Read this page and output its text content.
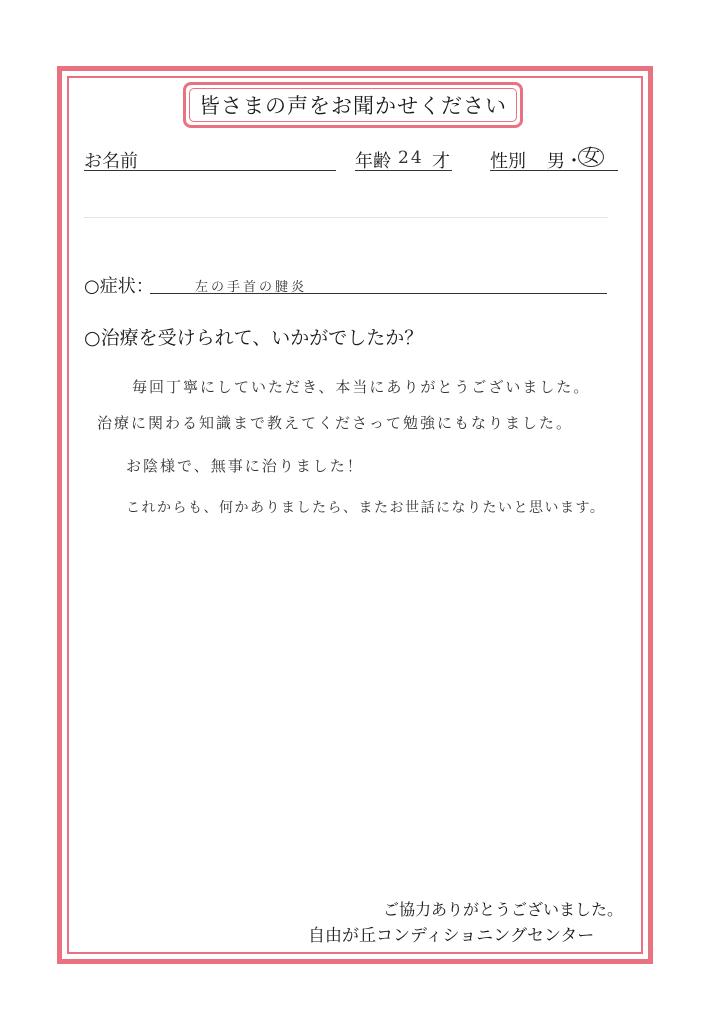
皆さまの声をお聞かせください
お名前	年齢 24 才 性別 男・ 女
○症状：	左の手首の腱炎
○治療を受けられて、いかがでしたか？
毎回丁寧にしていただき、本当にありがとうございました。
治療に関わる知識まで教えてくださって勉強にもなりました。
お陰様で、無事に治りました！
これからも、何かありましたら、またお世話になりたいと思います。
ご協力ありがとうございました。
自由が丘コンディショニングセンター
